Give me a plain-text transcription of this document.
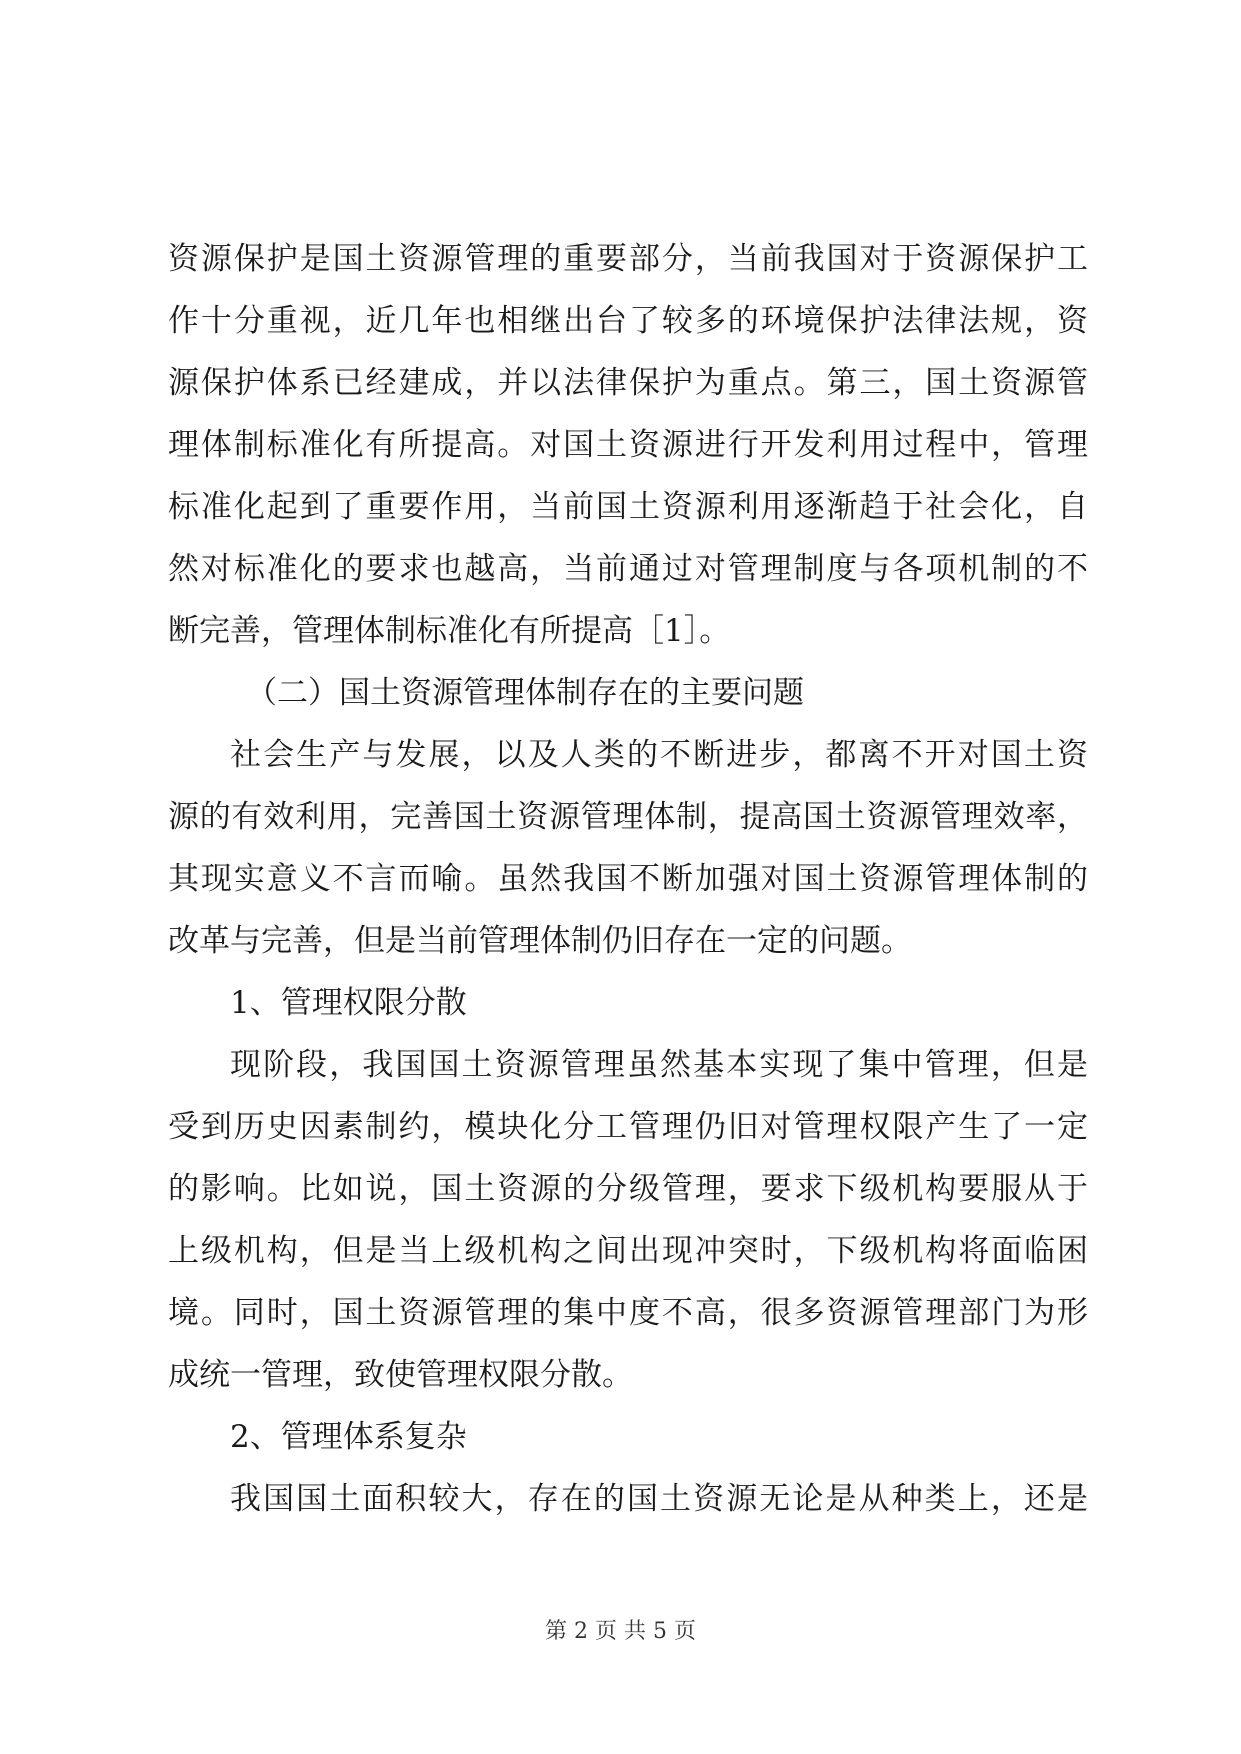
资源保护是国土资源管理的重要部分，当前我国对于资源保护工
作十分重视，近几年也相继出台了较多的环境保护法律法规，资
源保护体系已经建成，并以法律保护为重点。第三，国土资源管
理体制标准化有所提高。对国土资源进行开发利用过程中，管理
标准化起到了重要作用，当前国土资源利用逐渐趋于社会化，自
然对标准化的要求也越高，当前通过对管理制度与各项机制的不
断完善，管理体制标准化有所提高［1］。
（二）国土资源管理体制存在的主要问题
社会生产与发展，以及人类的不断进步，都离不开对国土资
源的有效利用，完善国土资源管理体制，提高国土资源管理效率，
其现实意义不言而喻。虽然我国不断加强对国土资源管理体制的
改革与完善，但是当前管理体制仍旧存在一定的问题。
1、管理权限分散
现阶段，我国国土资源管理虽然基本实现了集中管理，但是
受到历史因素制约，模块化分工管理仍旧对管理权限产生了一定
的影响。比如说，国土资源的分级管理，要求下级机构要服从于
上级机构，但是当上级机构之间出现冲突时，下级机构将面临困
境。同时，国土资源管理的集中度不高，很多资源管理部门为形
成统一管理，致使管理权限分散。
2、管理体系复杂
我国国土面积较大，存在的国土资源无论是从种类上，还是
第 2 页 共 5 页
